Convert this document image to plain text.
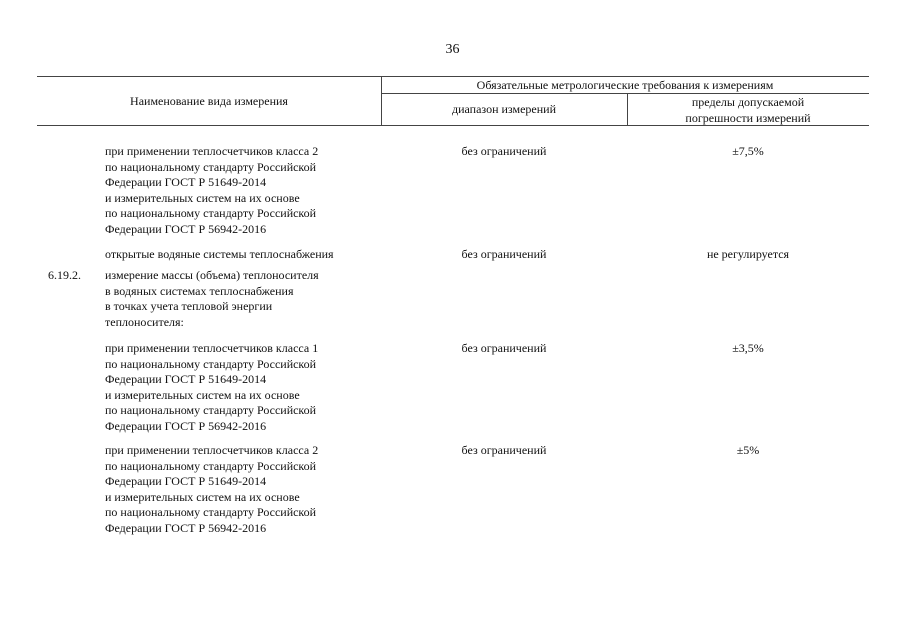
36
Наименование вида измерения
Обязательные метрологические требования к измерениям
диапазон измерений	пределы допускаемой
погрешности измерений
при применении теплосчетчиков класса 2
по национальному стандарту Российской
Федерации ГОСТ Р 51649-2014
и измерительных систем на их основе
по национальному стандарту Российской
Федерации ГОСТ Р 56942-2016
без ограничений	±7,5%
открытые водяные системы теплоснабжения	без ограничений	не регулируется
6.19.2.	измерение массы (объема) теплоносителя
в водяных системах теплоснабжения
в точках учета тепловой энергии
теплоносителя:
при применении теплосчетчиков класса 1
по национальному стандарту Российской
Федерации ГОСТ Р 51649-2014
и измерительных систем на их основе
по национальному стандарту Российской
Федерации ГОСТ Р 56942-2016
без ограничений	±3,5%
при применении теплосчетчиков класса 2
по национальному стандарту Российской
Федерации ГОСТ Р 51649-2014
и измерительных систем на их основе
по национальному стандарту Российской
Федерации ГОСТ Р 56942-2016
без ограничений	±5%
